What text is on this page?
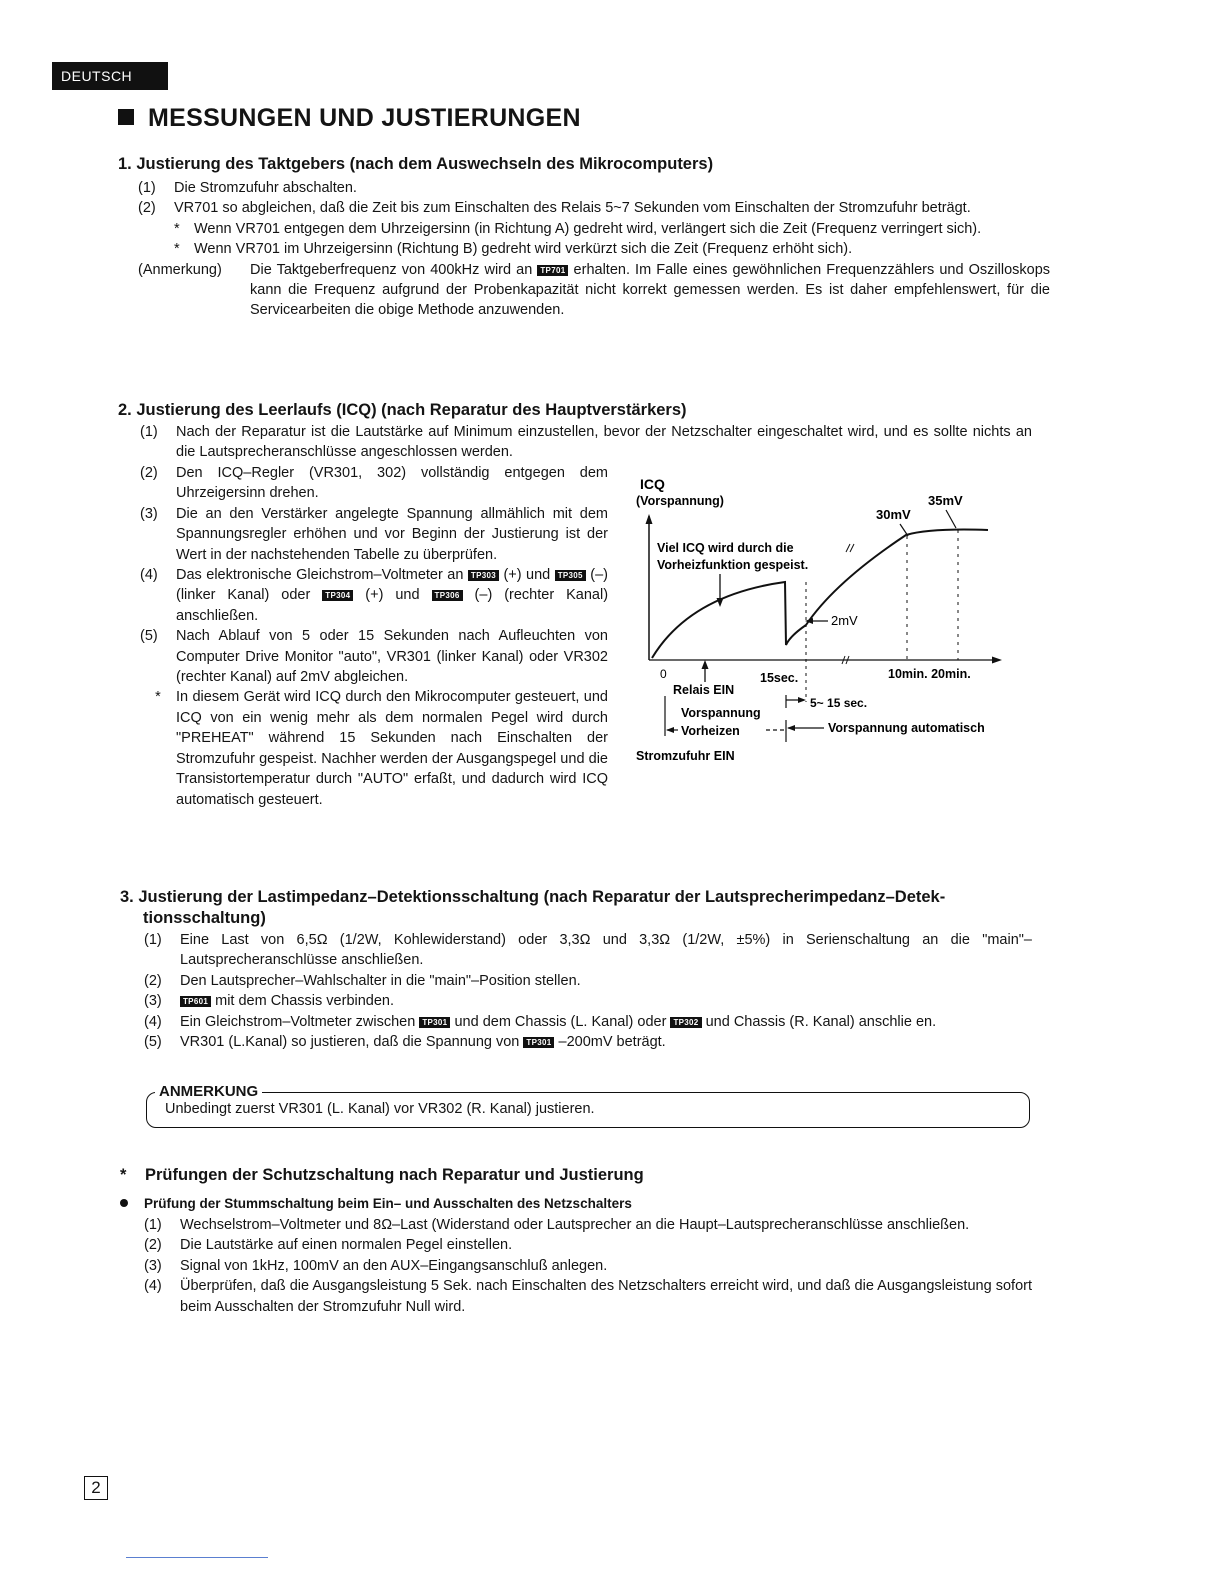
DEUTSCH
MESSUNGEN UND JUSTIERUNGEN
1. Justierung des Taktgebers (nach dem Auswechseln des Mikrocomputers)
(1)	Die Stromzufuhr abschalten.
(2)	VR701 so abgleichen, daß die Zeit bis zum Einschalten des Relais 5~7 Sekunden vom Einschalten der Stromzufuhr beträgt.
* Wenn VR701 entgegen dem Uhrzeigersinn (in Richtung A) gedreht wird, verlängert sich die Zeit (Frequenz verringert sich).
* Wenn VR701 im Uhrzeigersinn (Richtung B) gedreht wird verkürzt sich die Zeit (Frequenz erhöht sich).
(Anmerkung)	Die Taktgeberfrequenz von 400kHz wird an TP701 erhalten. Im Falle eines gewöhnlichen Frequenzzählers und Oszilloskops kann die Frequenz aufgrund der Probenkapazität nicht korrekt gemessen werden. Es ist daher empfehlenswert, für die Servicearbeiten die obige Methode anzuwenden.
2. Justierung des Leerlaufs (ICQ) (nach Reparatur des Hauptverstärkers)
(1)	Nach der Reparatur ist die Lautstärke auf Minimum einzustellen, bevor der Netzschalter eingeschaltet wird, und es sollte nichts an die Lautsprecheranschlüsse angeschlossen werden.
(2)	Den ICQ–Regler (VR301, 302) vollständig entgegen dem Uhrzeigersinn drehen.
(3)	Die an den Verstärker angelegte Spannung allmählich mit dem Spannungsregler erhöhen und vor Beginn der Justierung ist der Wert in der nachstehenden Tabelle zu überprüfen.
(4)	Das elektronische Gleichstrom–Voltmeter an TP303 (+) und TP305 (–) (linker Kanal) oder TP304 (+) und TP306 (–) (rechter Kanal) anschließen.
(5)	Nach Ablauf von 5 oder 15 Sekunden nach Aufleuchten von Computer Drive Monitor "auto", VR301 (linker Kanal) oder VR302 (rechter Kanal) auf 2mV abgleichen.
*	In diesem Gerät wird ICQ durch den Mikrocomputer gesteuert, und ICQ von ein wenig mehr als dem normalen Pegel wird durch "PREHEAT" während 15 Sekunden nach Einschalten der Stromzufuhr gespeist. Nachher werden der Ausgangspegel und die Transistortemperatur durch "AUTO" erfaßt, und dadurch wird ICQ automatisch gesteuert.
ICQ
(Vorspannung)	35mV
30mV
Viel ICQ wird durch die
Vorheizfunktion gespeist.
2mV
0	15sec.	10min. 20min.
Relais EIN
5~ 15 sec.
Vorspannung
Vorheizen	Vorspannung automatisch
Stromzufuhr EIN
3. Justierung der Lastimpedanz–Detektionsschaltung (nach Reparatur der Lautsprecherimpedanz–Detek-
tionsschaltung)
(1)	Eine Last von 6,5Ω (1/2W, Kohlewiderstand) oder 3,3Ω und 3,3Ω (1/2W, ±5%) in Serienschaltung an die "main"–Lautsprecheranschlüsse anschließen.
(2)	Den Lautsprecher–Wahlschalter in die "main"–Position stellen.
(3)	TP601 mit dem Chassis verbinden.
(4)	Ein Gleichstrom–Voltmeter zwischen TP301 und dem Chassis (L. Kanal) oder TP302 und Chassis (R. Kanal) anschlie en.
(5)	VR301 (L.Kanal) so justieren, daß die Spannung von TP301 –200mV beträgt.
ANMERKUNG
Unbedingt zuerst VR301 (L. Kanal) vor VR302 (R. Kanal) justieren.
* Prüfungen der Schutzschaltung nach Reparatur und Justierung
Prüfung der Stummschaltung beim Ein– und Ausschalten des Netzschalters
(1)	Wechselstrom–Voltmeter und 8Ω–Last (Widerstand oder Lautsprecher an die Haupt–Lautsprecheranschlüsse anschließen.
(2)	Die Lautstärke auf einen normalen Pegel einstellen.
(3)	Signal von 1kHz, 100mV an den AUX–Eingangsanschluß anlegen.
(4)	Überprüfen, daß die Ausgangsleistung 5 Sek. nach Einschalten des Netzschalters erreicht wird, und daß die Ausgangsleistung sofort beim Ausschalten der Stromzufuhr Null wird.
2
